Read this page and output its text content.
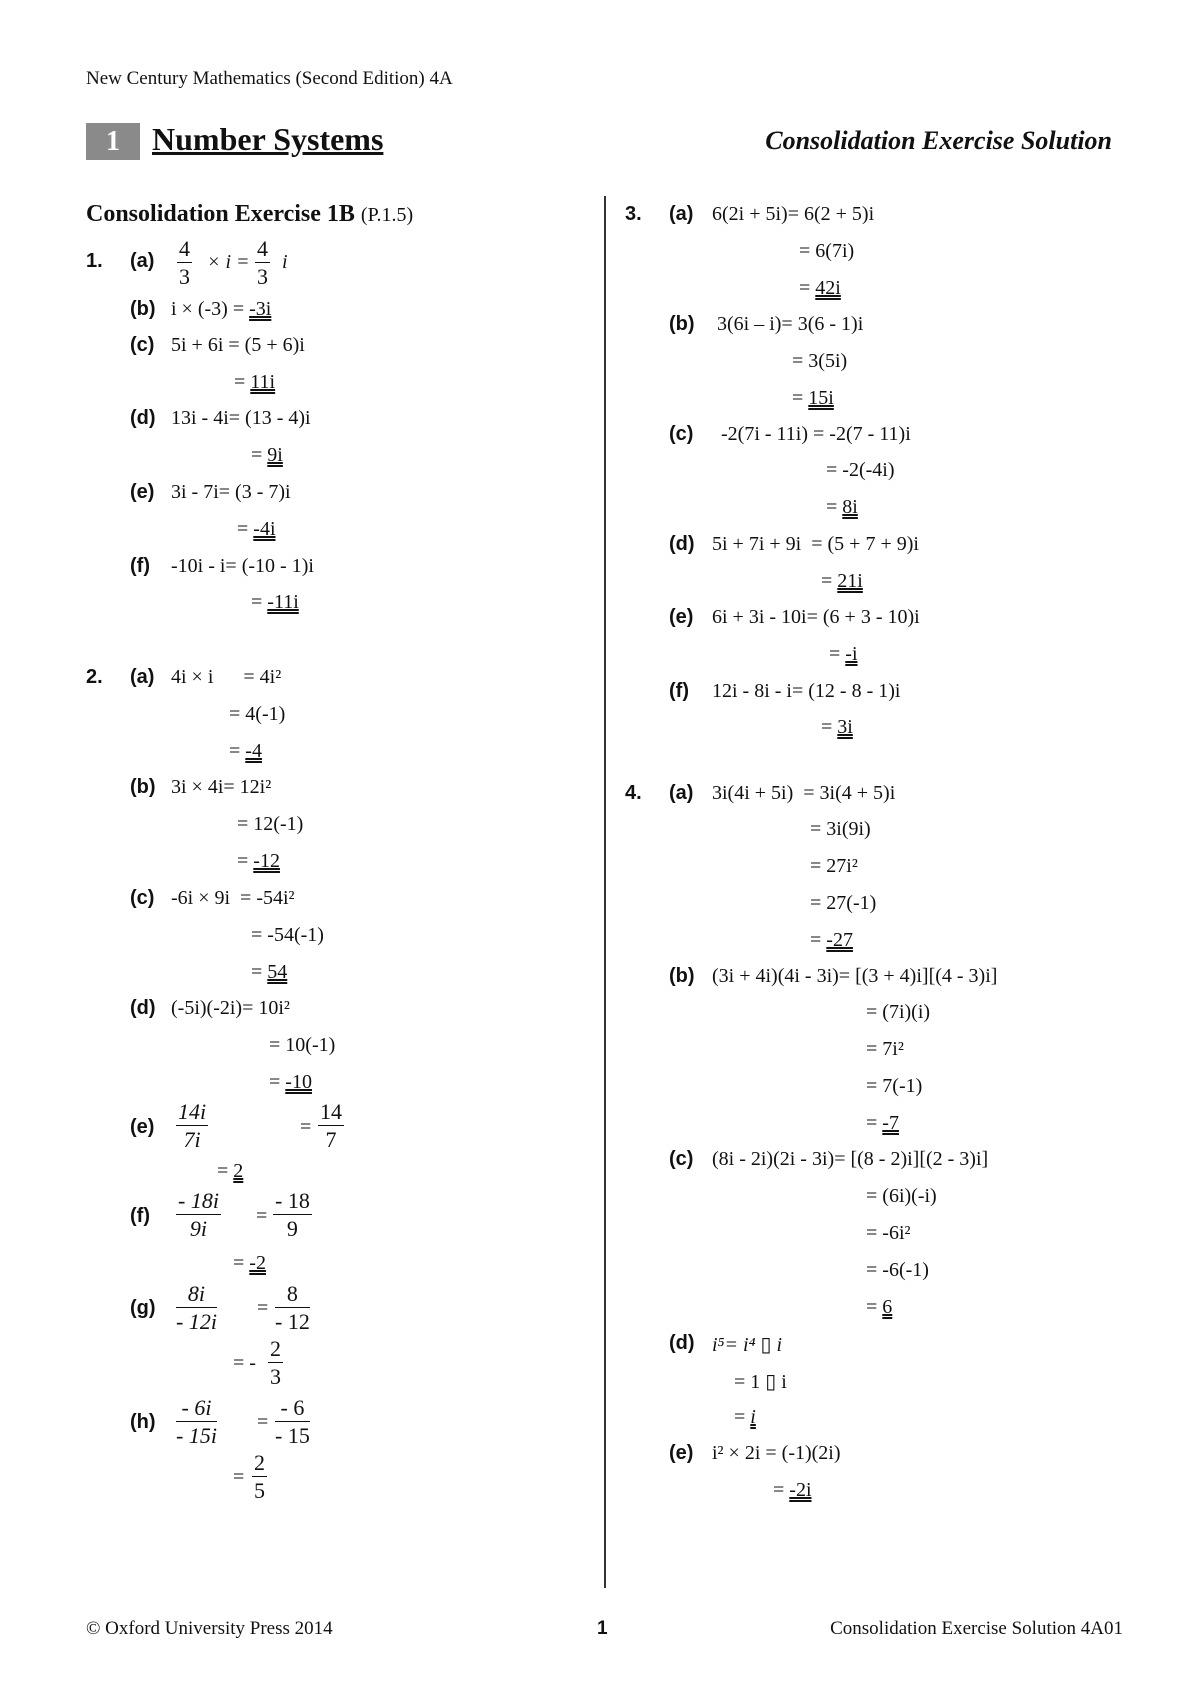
New Century Mathematics (Second Edition) 4A
1	Number Systems	Consolidation Exercise Solution
Consolidation Exercise 1B (P.1.5)
1. $(a) \frac{4}{3} \times i = \frac{4}{3}$ i
(b) i × (-3) = -3i
(c) 5i + 6i = (5 + 6)i
= 11i
(d) 13i - 4i= (13 - 4)i
= 9i
(e) 3i - 7i= (3 - 7)i
= -4i
(f) -10i - i= (-10 - 1)i
= -11i
2. (a) 4i × i      = 4i²
= 4(-1)
= -4
(b) 3i × 4i= 12i²
= 12(-1)
= -12
(c) -6i × 9i  = -54i²
= -54(-1)
= 54
(d) (-5i)(-2i)= 10i²
= 10(-1)
= -10
$(e) \frac{14i}{7i}$	= $\frac{14}{7}$
= 2
$(f) \frac{- 18i}{9i} = \frac{- 18}{9}$
= -2
$(g) \frac{8i}{- 12i} = \frac{8}{- 12}$
= - $\frac{2}{3}$
$(h) \frac{- 6i}{- 15i} = \frac{- 6}{- 15}$
= $\frac{2}{5}$
3. (a) 6(2i + 5i)= 6(2 + 5)i
= 6(7i)
= 42i
(b) 3(6i – i)= 3(6 - 1)i
= 3(5i)
= 15i
(c) -2(7i - 11i) = -2(7 - 11)i
= -2(-4i)
= 8i
(d) 5i + 7i + 9i  = (5 + 7 + 9)i
= 21i
(e) 6i + 3i - 10i= (6 + 3 - 10)i
= -i
(f) 12i - 8i - i= (12 - 8 - 1)i
= 3i
4. (a) 3i(4i + 5i)  = 3i(4 + 5)i
= 3i(9i)
= 27i²
= 27(-1)
= -27
(b) (3i + 4i)(4i - 3i)= [(3 + 4)i][(4 - 3)i]
= (7i)(i)
= 7i²
= 7(-1)
= -7
(c) (8i - 2i)(2i - 3i)= [(8 - 2)i][(2 - 3)i]
= (6i)(-i)
= -6i²
= -6(-1)
= 6
(d) i⁵= i⁴ ▯ i
= 1 ▯ i
= i
(e) i² × 2i = (-1)(2i)
= -2i
© Oxford University Press 2014	1	Consolidation Exercise Solution 4A01
